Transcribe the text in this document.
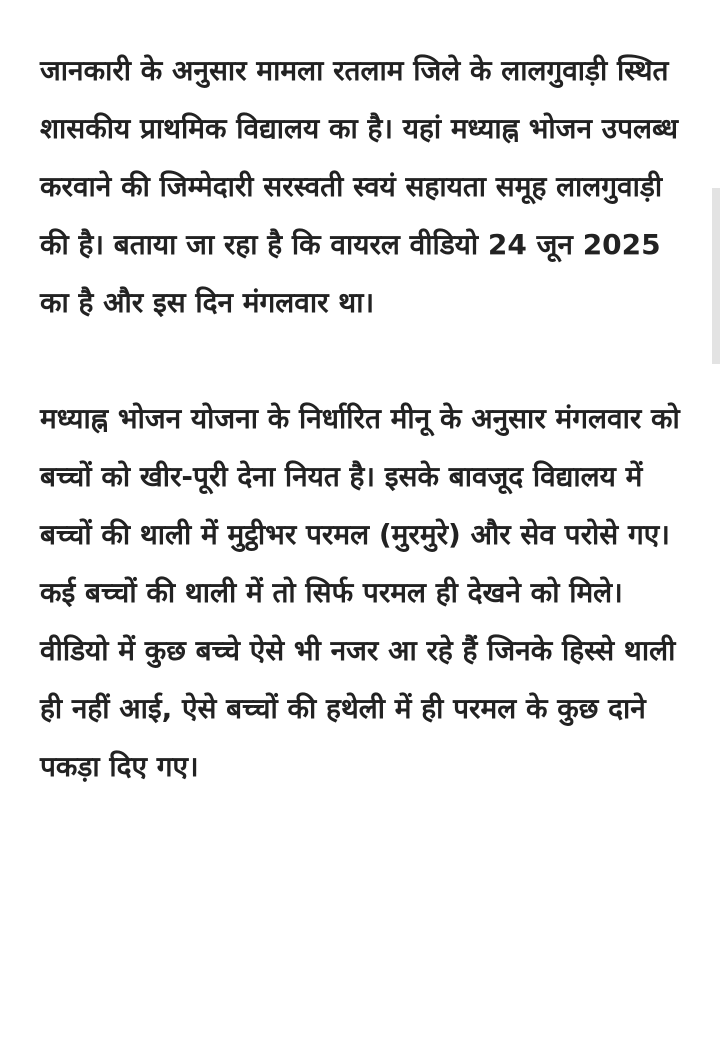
जानकारी के अनुसार मामला रतलाम जिले के लालगुवाड़ी स्थित शासकीय प्राथमिक विद्यालय का है। यहां मध्याह्न भोजन उपलब्ध करवाने की जिम्मेदारी सरस्वती स्वयं सहायता समूह लालगुवाड़ी की है। बताया जा रहा है कि वायरल वीडियो 24 जून 2025 का है और इस दिन मंगलवार था।

मध्याह्न भोजन योजना के निर्धारित मीनू के अनुसार मंगलवार को बच्चों को खीर-पूरी देना नियत है। इसके बावजूद विद्यालय में बच्चों की थाली में मुट्ठीभर परमल (मुरमुरे) और सेव परोसे गए। कई बच्चों की थाली में तो सिर्फ परमल ही देखने को मिले। वीडियो में कुछ बच्चे ऐसे भी नजर आ रहे हैं जिनके हिस्से थाली ही नहीं आई, ऐसे बच्चों की हथेली में ही परमल के कुछ दाने पकड़ा दिए गए।
